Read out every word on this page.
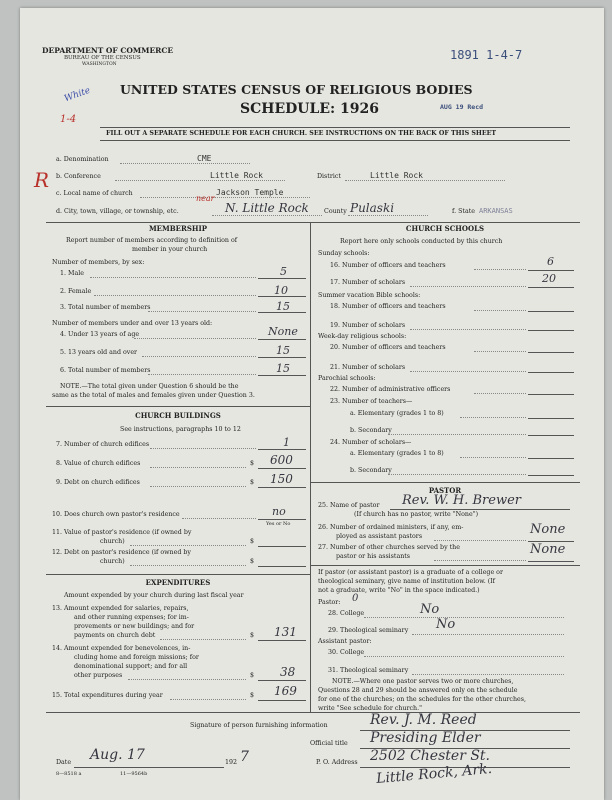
DEPARTMENT OF COMMERCE
BUREAU OF THE CENSUS
WASHINGTON
1891 1-4-7
White UNITED STATES CENSUS OF RELIGIOUS BODIES
SCHEDULE: 1926	AUG 19 Recd
1-4
FILL OUT A SEPARATE SCHEDULE FOR EACH CHURCH. SEE INSTRUCTIONS ON THE BACK OF THIS SHEET
a. Denomination	CME
R b. Conference	Little Rock	District	Little Rock
c. Local name of church	Jackson Temple
near
d. City, town, village, or township, etc.	N. Little Rock County Pulaski	f. State ARKANSAS
MEMBERSHIP
Report number of members according to definition of
member in your church
Number of members, by sex:
1. Male	5
2. Female	10
3. Total number of members	15
Number of members under and over 13 years old:
4. Under 13 years of age	None
5. 13 years old and over	15
6. Total number of members	15
NOTE.—The total given under Question 6 should be the
same as the total of males and females given under Question 3.
CHURCH BUILDINGS
See instructions, paragraphs 10 to 12
7. Number of church edifices	1
8. Value of church edifices	$ 600
9. Debt on church edifices	$ 150
10. Does church own pastor's residence	no
Yes or No
11. Value of pastor's residence (if owned by
church)	$
12. Debt on pastor's residence (if owned by
church)	$
EXPENDITURES
Amount expended by your church during last fiscal year
13. Amount expended for salaries, repairs,
and other running expenses; for im-
provements or new buildings; and for
payments on church debt	$ 131
14. Amount expended for benevolences, in-
cluding home and foreign missions; for
denominational support; and for all
other purposes	$ 38
15. Total expenditures during year	$ 169
CHURCH SCHOOLS
Report here only schools conducted by this church
Sunday schools:
16. Number of officers and teachers	6
17. Number of scholars	20
Summer vacation Bible schools:
18. Number of officers and teachers
19. Number of scholars
Week-day religious schools:
20. Number of officers and teachers
21. Number of scholars
Parochial schools:
22. Number of administrative officers
23. Number of teachers—
a. Elementary (grades 1 to 8)
b. Secondary
24. Number of scholars—
a. Elementary (grades 1 to 8)
b. Secondary
PASTOR
25. Name of pastor Rev. W. H. Brewer
(If church has no pastor, write "None")
26. Number of ordained ministers, if any, em-
ployed as assistant pastors	None
27. Number of other churches served by the
pastor or his assistants	None
If pastor (or assistant pastor) is a graduate of a college or
theological seminary, give name of institution below. (If
not a graduate, write "No" in the space indicated.)
Pastor: 0
28. College	No
29. Theological seminary No
Assistant pastor:
30. College
31. Theological seminary
NOTE.—Where one pastor serves two or more churches,
Questions 28 and 29 should be answered only on the schedule
for one of the churches; on the schedules for the other churches,
write "See schedule for church."
Signature of person furnishing information	Rev. J. M. Reed
Official title Presiding Elder
Date Aug. 17	192 7	P. O. Address 2502 Chester St.
Little Rock, Ark.
8—8518 a	11—9564b
